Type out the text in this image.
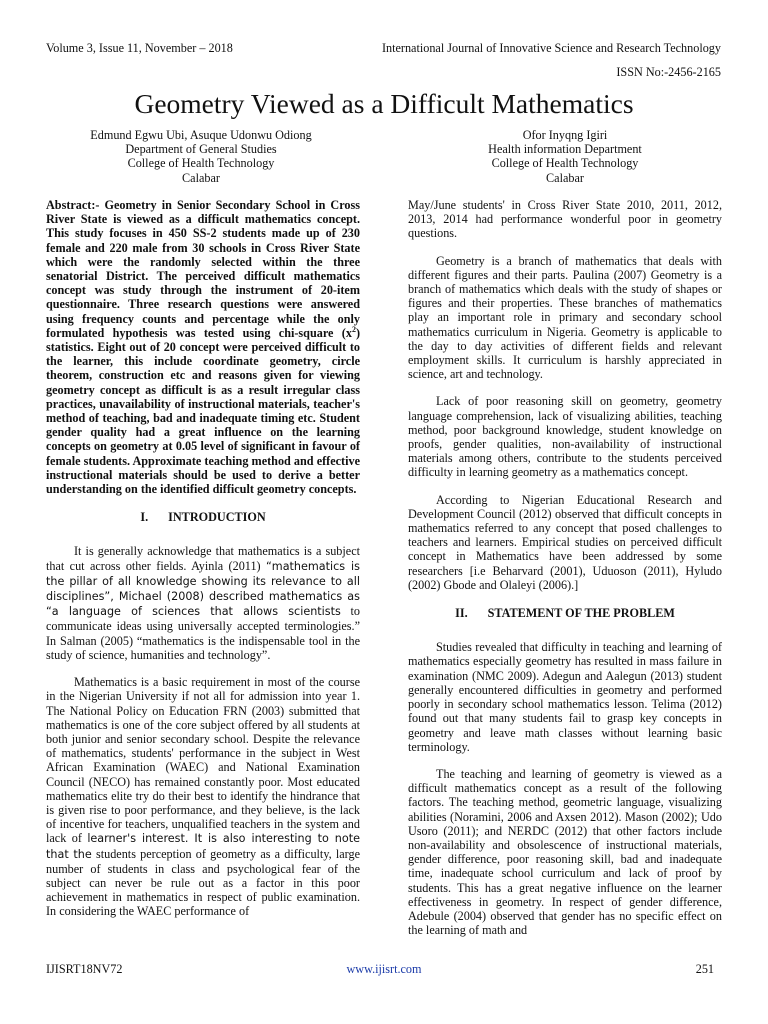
Volume 3, Issue 11, November – 2018	International Journal of Innovative Science and Research Technology
ISSN No:-2456-2165
Geometry Viewed as a Difficult Mathematics
Edmund Egwu Ubi, Asuque Udonwu Odiong
Department of General Studies
College of Health Technology
Calabar
Ofor Inyqng Igiri
Health information Department
College of Health Technology
Calabar

Abstract:- Geometry in Senior Secondary School in Cross River State is viewed as a difficult mathematics concept. This study focuses in 450 SS-2 students made up of 230 female and 220 male from 30 schools in Cross River State which were the randomly selected within the three senatorial District. The perceived difficult mathematics concept was study through the instrument of 20-item questionnaire. Three research questions were answered using frequency counts and percentage while the only formulated hypothesis was tested using chi-square $(x^2)$ statistics. Eight out of 20 concept were perceived difficult to the learner, this include coordinate geometry, circle theorem, construction etc and reasons given for viewing geometry concept as difficult is as a result irregular class practices, unavailability of instructional materials, teacher's method of teaching, bad and inadequate timing etc. Student gender quality had a great influence on the learning concepts on geometry at 0.05 level of significant in favour of female students. Approximate teaching method and effective instructional materials should be used to derive a better understanding on the identified difficult geometry concepts.

I. INTRODUCTION

It is generally acknowledge that mathematics is a subject that cut across other fields. Ayinla (2011) “mathematics is the pillar of all knowledge showing its relevance to all disciplines”, Michael (2008) described mathematics as “a language of sciences that allows scientists to communicate ideas using universally accepted terminologies.” In Salman (2005) “mathematics is the indispensable tool in the study of science, humanities and technology”.

Mathematics is a basic requirement in most of the course in the Nigerian University if not all for admission into year 1. The National Policy on Education FRN (2003) submitted that mathematics is one of the core subject offered by all students at both junior and senior secondary school. Despite the relevance of mathematics, students' performance in the subject in West African Examination (WAEC) and National Examination Council (NECO) has remained constantly poor. Most educated mathematics elite try do their best to identify the hindrance that is given rise to poor performance, and they believe, is the lack of incentive for teachers, unqualified teachers in the system and lack of learner's interest. It is also interesting to note that the students perception of geometry as a difficulty, large number of students in class and psychological fear of the subject can never be rule out as a factor in this poor achievement in mathematics in respect of public examination. In considering the WAEC performance of

May/June students' in Cross River State 2010, 2011, 2012, 2013, 2014 had performance wonderful poor in geometry questions.

Geometry is a branch of mathematics that deals with different figures and their parts. Paulina (2007) Geometry is a branch of mathematics which deals with the study of shapes or figures and their properties. These branches of mathematics play an important role in primary and secondary school mathematics curriculum in Nigeria. Geometry is applicable to the day to day activities of different fields and relevant employment skills. It curriculum is harshly appreciated in science, art and technology.

Lack of poor reasoning skill on geometry, geometry language comprehension, lack of visualizing abilities, teaching method, poor background knowledge, student knowledge on proofs, gender qualities, non-availability of instructional materials among others, contribute to the students perceived difficulty in learning geometry as a mathematics concept.

According to Nigerian Educational Research and Development Council (2012) observed that difficult concepts in mathematics referred to any concept that posed challenges to teachers and learners. Empirical studies on perceived difficult concept in Mathematics have been addressed by some researchers [i.e Beharvard (2001), Uduoson (2011), Hyludo (2002) Gbode and Olaleyi (2006).]

II. STATEMENT OF THE PROBLEM

Studies revealed that difficulty in teaching and learning of mathematics especially geometry has resulted in mass failure in examination (NMC 2009). Adegun and Aalegun (2013) student generally encountered difficulties in geometry and performed poorly in secondary school mathematics lesson. Telima (2012) found out that many students fail to grasp key concepts in geometry and leave math classes without learning basic terminology.

The teaching and learning of geometry is viewed as a difficult mathematics concept as a result of the following factors. The teaching method, geometric language, visualizing abilities (Noramini, 2006 and Axsen 2012). Mason (2002); Udo Usoro (2011); and NERDC (2012) that other factors include non-availability and obsolescence of instructional materials, gender difference, poor reasoning skill, bad and inadequate time, inadequate school curriculum and lack of proof by students. This has a great negative influence on the learner effectiveness in geometry. In respect of gender difference, Adebule (2004) observed that gender has no specific effect on the learning of math and

IJISRT18NV72	www.ijisrt.com	251
